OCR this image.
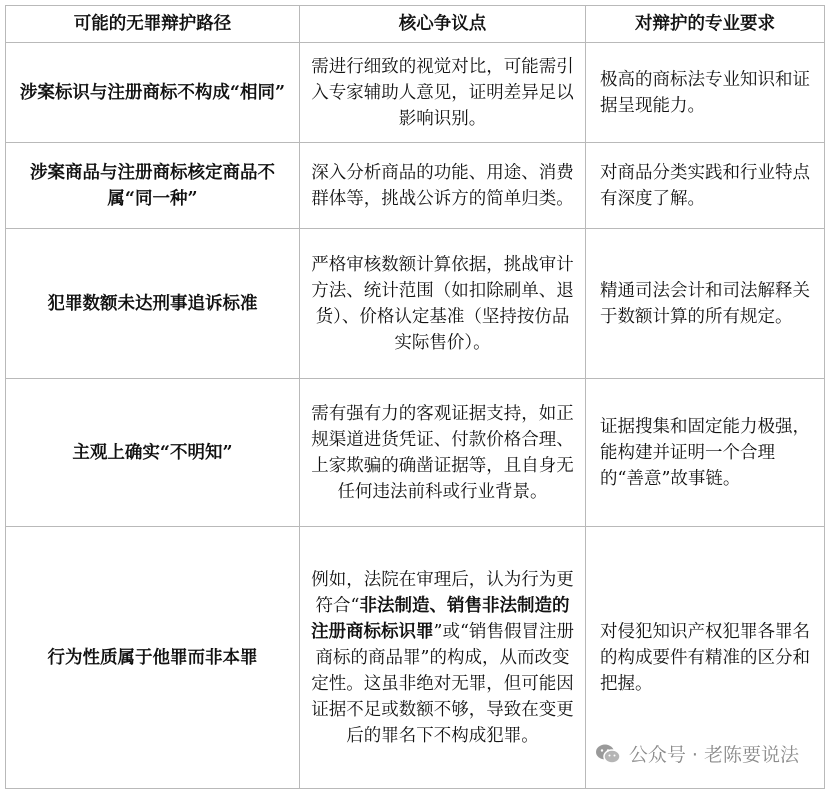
可能的无罪辩护路径	核心争议点	对辩护的专业要求
涉案标识与注册商标不构成“相同”	需进行细致的视觉对比，可能需引入专家辅助人意见，证明差异足以影响识别。	极高的商标法专业知识和证据呈现能力。
涉案商品与注册商标核定商品不属“同一种”	深入分析商品的功能、用途、消费群体等，挑战公诉方的简单归类。	对商品分类实践和行业特点有深度了解。
犯罪数额未达刑事追诉标准	严格审核数额计算依据，挑战审计方法、统计范围（如扣除刷单、退货）、价格认定基准（坚持按仿品实际售价）。	精通司法会计和司法解释关于数额计算的所有规定。
主观上确实“不明知”	需有强有力的客观证据支持，如正规渠道进货凭证、付款价格合理、上家欺骗的确凿证据等，且自身无任何违法前科或行业背景。	证据搜集和固定能力极强，能构建并证明一个合理的“善意”故事链。
行为性质属于他罪而非本罪	例如，法院在审理后，认为行为更符合“非法制造、销售非法制造的注册商标标识罪”或“销售假冒注册商标的商品罪”的构成，从而改变定性。这虽非绝对无罪，但可能因证据不足或数额不够，导致在变更后的罪名下不构成犯罪。	对侵犯知识产权犯罪各罪名的构成要件有精准的区分和把握。
公众号 · 老陈要说法
